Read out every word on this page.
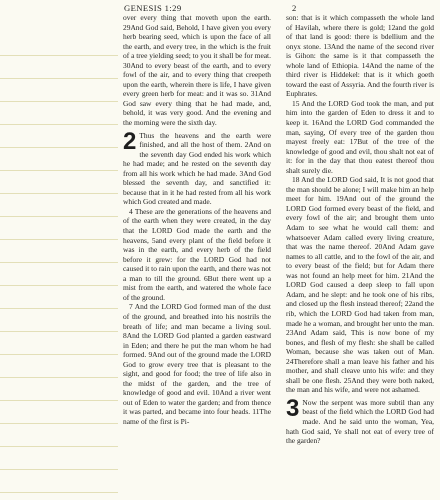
GENESIS 1:29	2

over every thing that moveth upon the earth. 29And God said, Behold, I have given you every herb bearing seed, which is upon the face of all the earth, and every tree, in the which is the fruit of a tree yielding seed; to you it shall be for meat. 30And to every beast of the earth, and to every fowl of the air, and to every thing that creepeth upon the earth, wherein there is life, I have given every green herb for meat: and it was so. 31And God saw every thing that he had made, and, behold, it was very good. And the evening and the morning were the sixth day.

2 Thus the heavens and the earth were finished, and all the host of them. 2And on the seventh day God ended his work which he had made; and he rested on the seventh day from all his work which he had made. 3And God blessed the seventh day, and sanctified it: because that in it he had rested from all his work which God created and made.

4 These are the generations of the heavens and of the earth when they were created, in the day that the LORD God made the earth and the heavens, 5and every plant of the field before it was in the earth, and every herb of the field before it grew: for the LORD God had not caused it to rain upon the earth, and there was not a man to till the ground. 6But there went up a mist from the earth, and watered the whole face of the ground.

7 And the LORD God formed man of the dust of the ground, and breathed into his nostrils the breath of life; and man became a living soul. 8And the LORD God planted a garden eastward in Eden; and there he put the man whom he had formed. 9And out of the ground made the LORD God to grow every tree that is pleasant to the sight, and good for food; the tree of life also in the midst of the garden, and the tree of knowledge of good and evil. 10And a river went out of Eden to water the garden; and from thence it was parted, and became into four heads. 11The name of the first is Pi-

son: that is it which compasseth the whole land of Havilah, where there is gold; 12and the gold of that land is good: there is bdellium and the onyx stone. 13And the name of the second river is Gihon: the same is it that compasseth the whole land of Ethiopia. 14And the name of the third river is Hiddekel: that is it which goeth toward the east of Assyria. And the fourth river is Euphrates.

15 And the LORD God took the man, and put him into the garden of Eden to dress it and to keep it. 16And the LORD God commanded the man, saying, Of every tree of the garden thou mayest freely eat: 17But of the tree of the knowledge of good and evil, thou shalt not eat of it: for in the day that thou eatest thereof thou shalt surely die.

18 And the LORD God said, It is not good that the man should be alone; I will make him an help meet for him. 19And out of the ground the LORD God formed every beast of the field, and every fowl of the air; and brought them unto Adam to see what he would call them: and whatsoever Adam called every living creature, that was the name thereof. 20And Adam gave names to all cattle, and to the fowl of the air, and to every beast of the field; but for Adam there was not found an help meet for him. 21And the LORD God caused a deep sleep to fall upon Adam, and he slept: and he took one of his ribs, and closed up the flesh instead thereof; 22and the rib, which the LORD God had taken from man, made he a woman, and brought her unto the man. 23And Adam said, This is now bone of my bones, and flesh of my flesh: she shall be called Woman, because she was taken out of Man. 24Therefore shall a man leave his father and his mother, and shall cleave unto his wife: and they shall be one flesh. 25And they were both naked, the man and his wife, and were not ashamed.

3 Now the serpent was more subtil than any beast of the field which the LORD God had made. And he said unto the woman, Yea, hath God said, Ye shall not eat of every tree of the garden?
